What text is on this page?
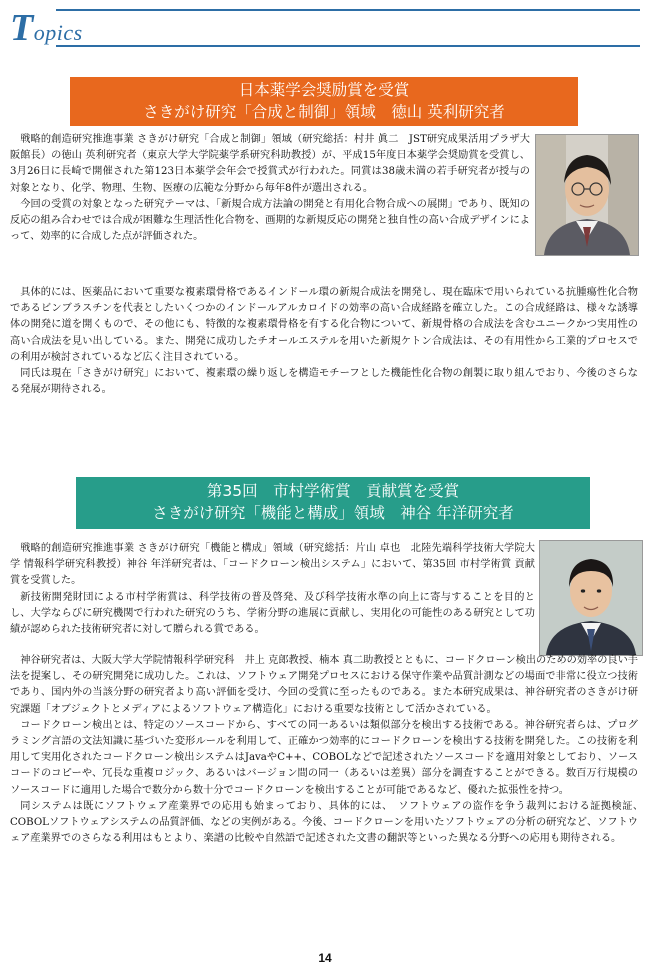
Topics
日本薬学会奨励賞を受賞
さきがけ研究「合成と制御」領域　徳山 英利研究者

戦略的創造研究推進事業 さきがけ研究「合成と制御」領域（研究総括：村井 眞二　JST研究成果活用プラザ大阪館長）の徳山 英利研究者（東京大学大学院薬学系研究科助教授）が、平成15年度日本薬学会奨励賞を受賞し、3月26日に長崎で開催された第123日本薬学会年会で授賞式が行われた。同賞は38歳未満の若手研究者が授与の対象となり、化学、物理、生物、医療の広範な分野から毎年8件が選出される。

今回の受賞の対象となった研究テーマは、「新規合成方法論の開発と有用化合物合成への展開」であり、既知の反応の組み合わせでは合成が困難な生理活性化合物を、画期的な新規反応の開発と独自性の高い合成デザインによって、効率的に合成した点が評価された。

具体的には、医薬品において重要な複素環骨格であるインドール環の新規合成法を開発し、現在臨床で用いられている抗腫瘍性化合物であるビンブラスチンを代表としたいくつかのインドールアルカロイドの効率の高い合成経路を確立した。この合成経路は、様々な誘導体の開発に道を開くもので、その他にも、特徴的な複素環骨格を有する化合物について、新規骨格の合成法を含むユニークかつ実用性の高い合成法を見い出している。また、開発に成功したチオールエステルを用いた新規ケトン合成法は、その有用性から工業的プロセスでの利用が検討されているなど広く注目されている。

同氏は現在「さきがけ研究」において、複素環の繰り返しを構造モチーフとした機能性化合物の創製に取り組んでおり、今後のさらなる発展が期待される。

第35回　市村学術賞　貢献賞を受賞
さきがけ研究「機能と構成」領域　神谷 年洋研究者

戦略的創造研究推進事業 さきがけ研究「機能と構成」領域（研究総括：片山 卓也　北陸先端科学技術大学院大学 情報科学研究科教授）神谷 年洋研究者は、「コードクローン検出システム」において、第35回 市村学術賞 貢献賞を受賞した。

新技術開発財団による市村学術賞は、科学技術の普及啓発、及び科学技術水準の向上に寄与することを目的とし、大学ならびに研究機関で行われた研究のうち、学術分野の進展に貢献し、実用化の可能性のある研究として功績が認められた技術研究者に対して贈られる賞である。

神谷研究者は、大阪大学大学院情報科学研究科　井上 克郎教授、楠本 真二助教授とともに、コードクローン検出のための効率の良い手法を提案し、その研究開発に成功した。これは、ソフトウェア開発プロセスにおける保守作業や品質計測などの場面で非常に役立つ技術であり、国内外の当該分野の研究者より高い評価を受け、今回の受賞に至ったものである。また本研究成果は、神谷研究者のさきがけ研究課題「オブジェクトとメディアによるソフトウェア構造化」における重要な技術として活かされている。

コードクローン検出とは、特定のソースコードから、すべての同一あるいは類似部分を検出する技術である。神谷研究者らは、プログラミング言語の文法知識に基づいた変形ルールを利用して、正確かつ効率的にコードクローンを検出する技術を開発した。この技術を利用して実用化されたコードクローン検出システムはJavaやC++、COBOLなどで記述されたソースコードを適用対象としており、ソースコードのコピーや、冗長な重複ロジック、あるいはバージョン間の同一（あるいは差異）部分を調査することができる。数百万行規模のソースコードに適用した場合で数分から数十分でコードクローンを検出することが可能であるなど、優れた拡張性を持つ。

同システムは既にソフトウェア産業界での応用も始まっており、具体的には、　ソフトウェアの盗作を争う裁判における証拠検証、　COBOLソフトウェアシステムの品質評価、などの実例がある。今後、コードクローンを用いたソフトウェアの分析の研究など、ソフトウェア産業界でのさらなる利用はもとより、楽譜の比較や自然語で記述された文書の翻訳等といった異なる分野への応用も期待される。

14
